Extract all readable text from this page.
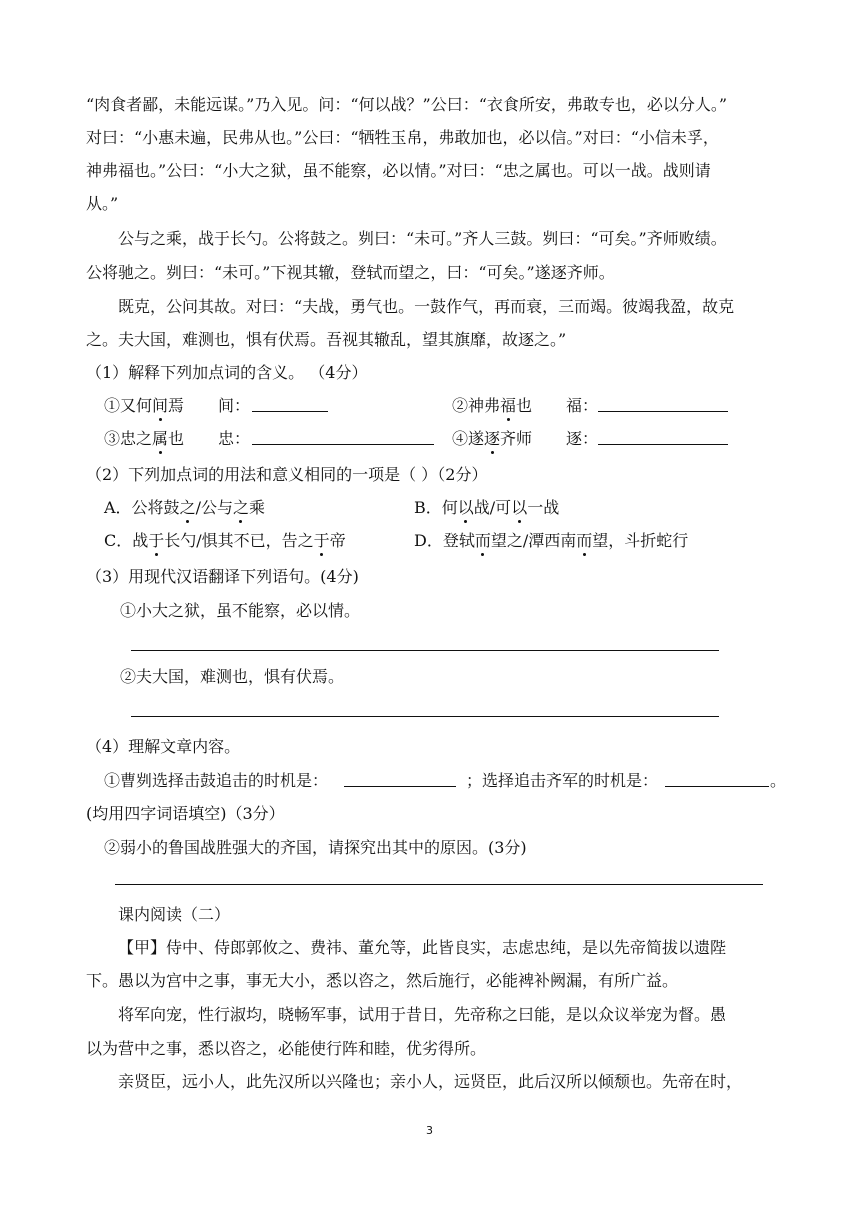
“肉食者鄙，未能远谋。”乃入见。问：“何以战？”公曰：“衣食所安，弗敢专也，必以分人。”
对曰：“小惠未遍，民弗从也。”公曰：“牺牲玉帛，弗敢加也，必以信。”对曰：“小信未孚，
神弗福也。”公曰：“小大之狱，虽不能察，必以情。”对曰：“忠之属也。可以一战。战则请
从。”
公与之乘，战于长勺。公将鼓之。刿曰：“未可。”齐人三鼓。刿曰：“可矣。”齐师败绩。
公将驰之。刿曰：“未可。”下视其辙，登轼而望之，曰：“可矣。”遂逐齐师。
既克，公问其故。对曰：“夫战，勇气也。一鼓作气，再而衰，三而竭。彼竭我盈，故克
之。夫大国，难测也，惧有伏焉。吾视其辙乱，望其旗靡，故逐之。”
（1）解释下列加点词的含义。 （4分）
①又何间焉 间：	②神弗福也 福：
③忠之属也 忠：	④遂逐齐师 逐：
（2）下列加点词的用法和意义相同的一项是（ ）（2分）
A．公将鼓之/公与之乘	B．何以战/可以一战
C．战于长勺/惧其不已，告之于帝	D．登轼而望之/潭西南而望，斗折蛇行
（3）用现代汉语翻译下列语句。(4分)
①小大之狱，虽不能察，必以情。
②夫大国，难测也，惧有伏焉。
（4）理解文章内容。
①曹刿选择击鼓追击的时机是：	；选择追击齐军的时机是：	。
(均用四字词语填空)（3分）
②弱小的鲁国战胜强大的齐国，请探究出其中的原因。(3分)
课内阅读（二）
【甲】侍中、侍郎郭攸之、费祎、董允等，此皆良实，志虑忠纯，是以先帝简拔以遗陛
下。愚以为宫中之事，事无大小，悉以咨之，然后施行，必能裨补阙漏，有所广益。
将军向宠，性行淑均，晓畅军事，试用于昔日，先帝称之曰能，是以众议举宠为督。愚
以为营中之事，悉以咨之，必能使行阵和睦，优劣得所。
亲贤臣，远小人，此先汉所以兴隆也；亲小人，远贤臣，此后汉所以倾颓也。先帝在时，
3
